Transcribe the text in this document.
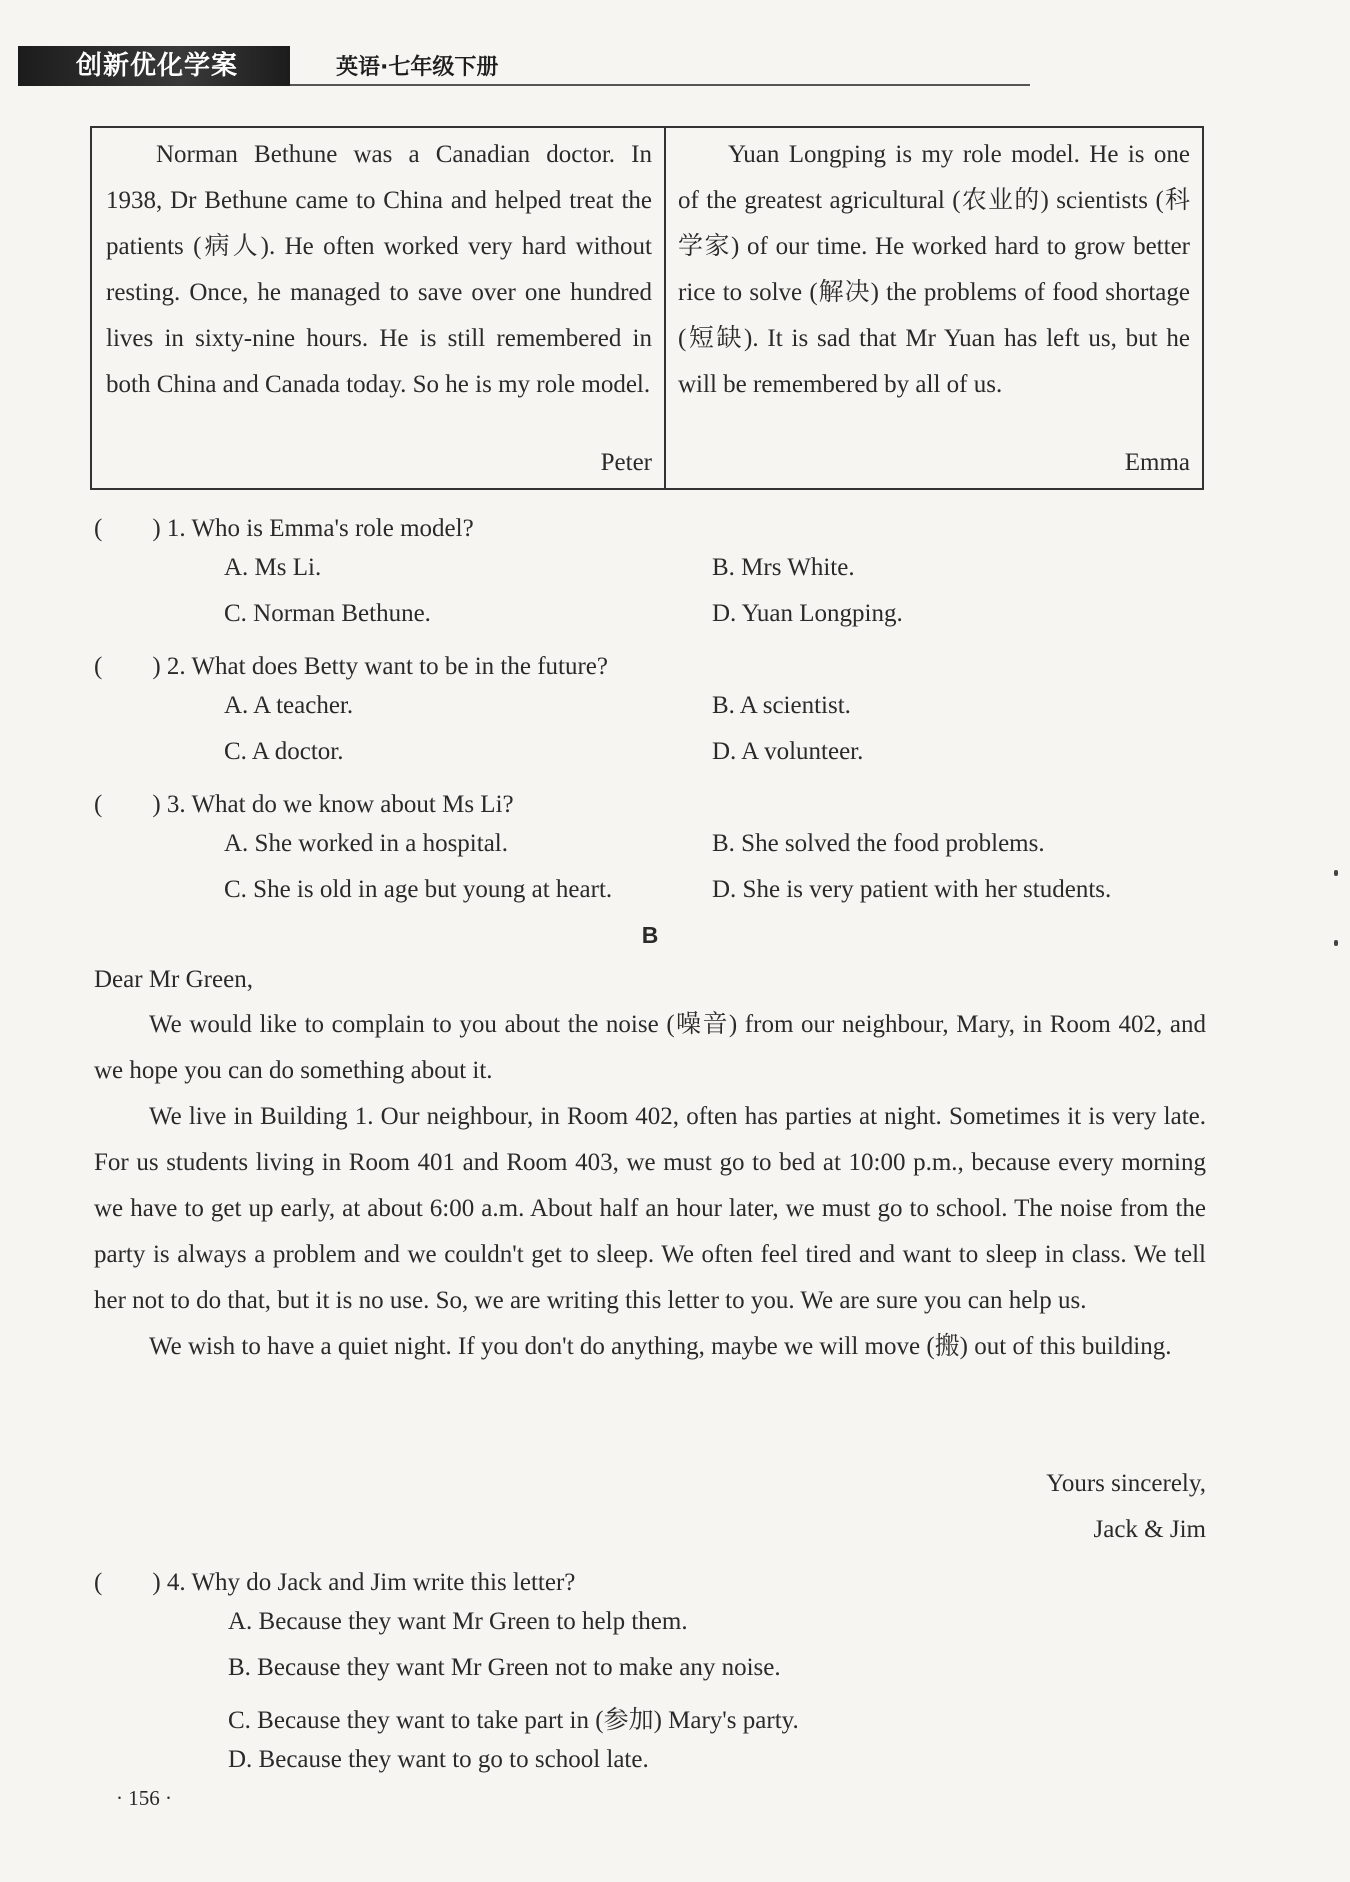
创新优化学案	英语·七年级下册

Norman Bethune was a Canadian doctor. In 1938, Dr Bethune came to China and helped treat the patients (病人). He often worked very hard without resting. Once, he managed to save over one hundred lives in sixty-nine hours. He is still remembered in both China and Canada today. So he is my role model.

Peter

Yuan Longping is my role model. He is one of the greatest agricultural (农业的) scientists (科学家) of our time. He worked hard to grow better rice to solve (解决) the problems of food shortage (短缺). It is sad that Mr Yuan has left us, but he will be remembered by all of us.

Emma
(　　) 1. Who is Emma's role model?
A. Ms Li.	B. Mrs White.
C. Norman Bethune.	D. Yuan Longping.
(　　) 2. What does Betty want to be in the future?
A. A teacher.	B. A scientist.
C. A doctor.	D. A volunteer.
(　　) 3. What do we know about Ms Li?
A. She worked in a hospital.	B. She solved the food problems.
C. She is old in age but young at heart.	D. She is very patient with her students.
B
Dear Mr Green,

We would like to complain to you about the noise (噪音) from our neighbour, Mary, in Room 402, and we hope you can do something about it.

We live in Building 1. Our neighbour, in Room 402, often has parties at night. Sometimes it is very late. For us students living in Room 401 and Room 403, we must go to bed at 10:00 p.m., because every morning we have to get up early, at about 6:00 a.m. About half an hour later, we must go to school. The noise from the party is always a problem and we couldn't get to sleep. We often feel tired and want to sleep in class. We tell her not to do that, but it is no use. So, we are writing this letter to you. We are sure you can help us.

We wish to have a quiet night. If you don't do anything, maybe we will move (搬) out of this building.

Yours sincerely,
Jack & Jim
(　　) 4. Why do Jack and Jim write this letter?
A. Because they want Mr Green to help them.
B. Because they want Mr Green not to make any noise.
C. Because they want to take part in (参加) Mary's party.
D. Because they want to go to school late.
· 156 ·
